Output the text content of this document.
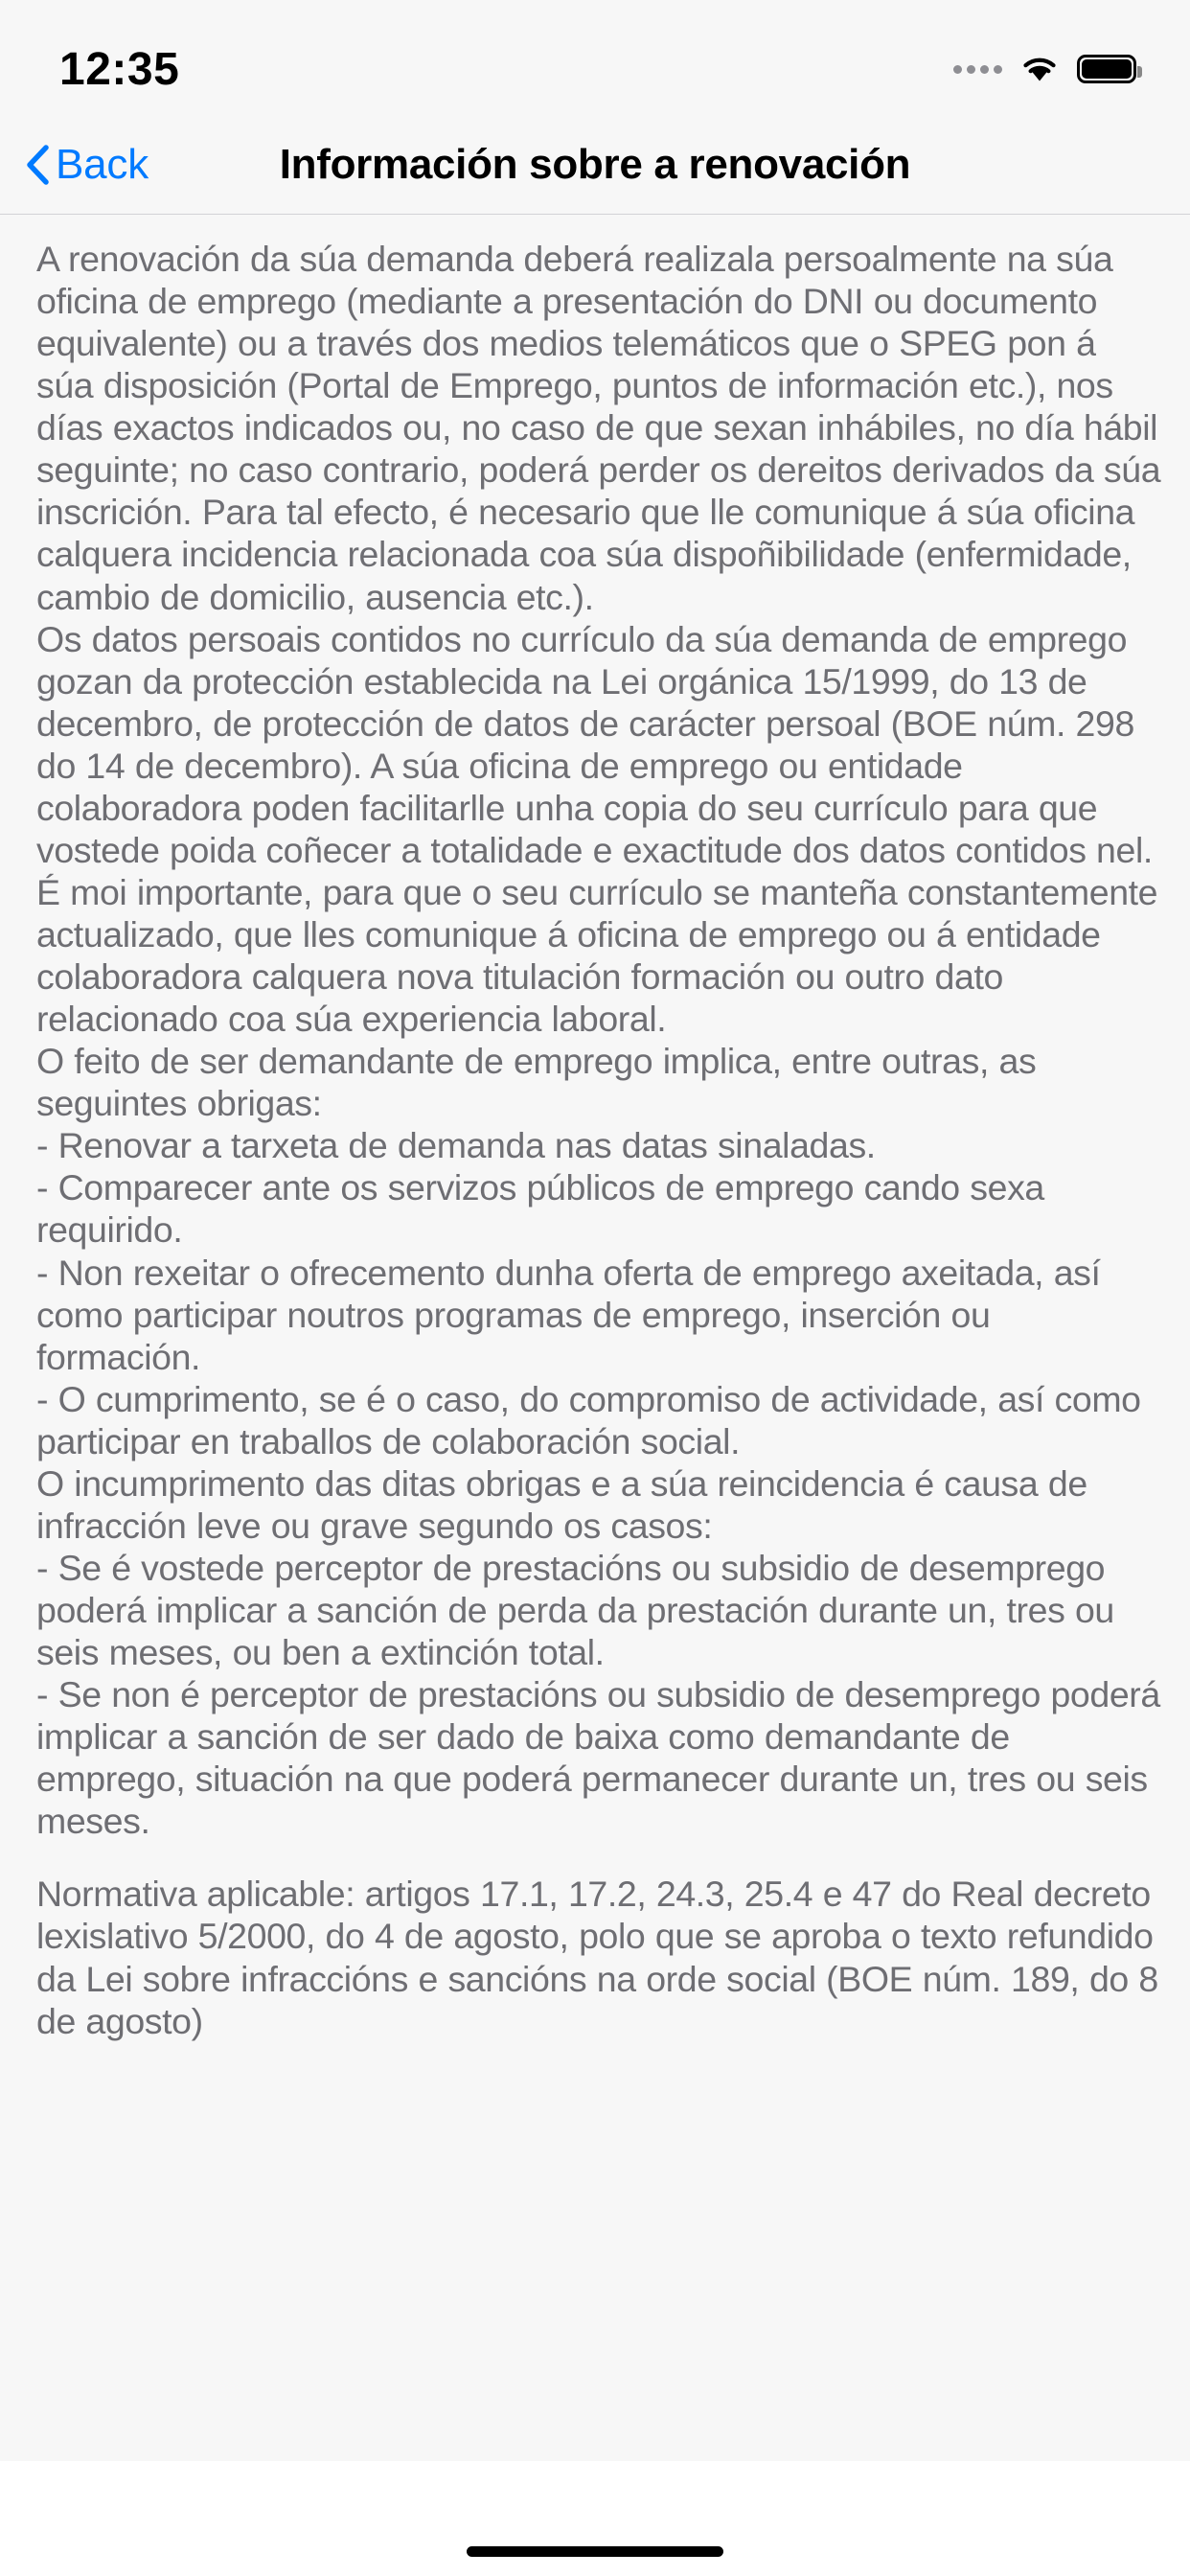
12:35
Back	Información sobre a renovación

A renovación da súa demanda deberá realizala persoalmente na súa oficina de emprego (mediante a presentación do DNI ou documento equivalente) ou a través dos medios telemáticos que o SPEG pon á súa disposición (Portal de Emprego, puntos de información etc.), nos días exactos indicados ou, no caso de que sexan inhábiles, no día hábil seguinte; no caso contrario, poderá perder os dereitos derivados da súa inscrición. Para tal efecto, é necesario que lle comunique á súa oficina calquera incidencia relacionada coa súa dispoñibilidade (enfermidade, cambio de domicilio, ausencia etc.).

Os datos persoais contidos no currículo da súa demanda de emprego gozan da protección establecida na Lei orgánica 15/1999, do 13 de decembro, de protección de datos de carácter persoal (BOE núm. 298 do 14 de decembro). A súa oficina de emprego ou entidade colaboradora poden facilitarlle unha copia do seu currículo para que vostede poida coñecer a totalidade e exactitude dos datos contidos nel. É moi importante, para que o seu currículo se manteña constantemente actualizado, que lles comunique á oficina de emprego ou á entidade colaboradora calquera nova titulación formación ou outro dato relacionado coa súa experiencia laboral.

O feito de ser demandante de emprego implica, entre outras, as seguintes obrigas:

- Renovar a tarxeta de demanda nas datas sinaladas.

- Comparecer ante os servizos públicos de emprego cando sexa requirido.

- Non rexeitar o ofrecemento dunha oferta de emprego axeitada, así como participar noutros programas de emprego, inserción ou formación.

- O cumprimento, se é o caso, do compromiso de actividade, así como participar en traballos de colaboración social.

O incumprimento das ditas obrigas e a súa reincidencia é causa de infracción leve ou grave segundo os casos:

- Se é vostede perceptor de prestacións ou subsidio de desemprego poderá implicar a sanción de perda da prestación durante un, tres ou seis meses, ou ben a extinción total.

- Se non é perceptor de prestacións ou subsidio de desemprego poderá implicar a sanción de ser dado de baixa como demandante de emprego, situación na que poderá permanecer durante un, tres ou seis meses.

Normativa aplicable: artigos 17.1, 17.2, 24.3, 25.4 e 47 do Real decreto lexislativo 5/2000, do 4 de agosto, polo que se aproba o texto refundido da Lei sobre infraccións e sancións na orde social (BOE núm. 189, do 8 de agosto)
